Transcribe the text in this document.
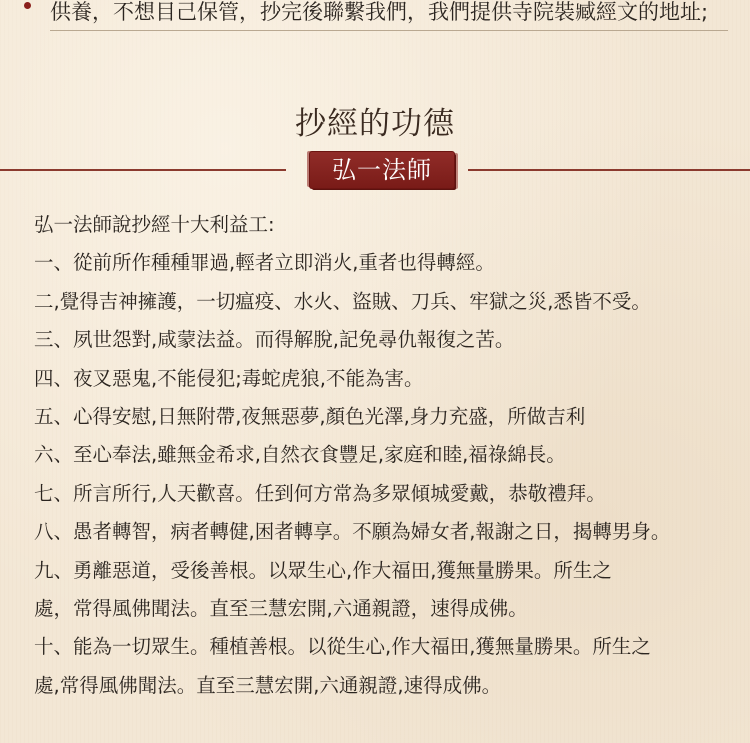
供養，不想目己保管，抄完後聯繫我們，我們提供寺院裝臧經文的地址;
抄經的功德
弘一法師

弘一法師說抄經十大利益工:

一、從前所作種種罪過,輕者立即消火,重者也得轉經。

二,覺得吉神擁護，一切瘟疫、水火、盜賊、刀兵、牢獄之災,悉皆不受。

三、夙世怨對,咸蒙法益。而得解脫,記免尋仇報復之苦。

四、夜叉惡鬼,不能侵犯;毒蛇虎狼,不能為害。

五、心得安慰,日無附帶,夜無惡夢,顏色光澤,身力充盛，所做吉利

六、至心奉法,雖無金希求,自然衣食豐足,家庭和睦,福祿綿長。

七、所言所行,人天歡喜。任到何方常為多眾傾城愛戴，恭敬禮拜。

八、愚者轉智，病者轉健,困者轉享。不願為婦女者,報謝之日，揭轉男身。

九、勇離惡道，受後善根。以眾生心,作大福田,獲無量勝果。所生之

處，常得風佛聞法。直至三慧宏開,六通親證，速得成佛。

十、能為一切眾生。種植善根。以從生心,作大福田,獲無量勝果。所生之

處,常得風佛聞法。直至三慧宏開,六通親證,速得成佛。
